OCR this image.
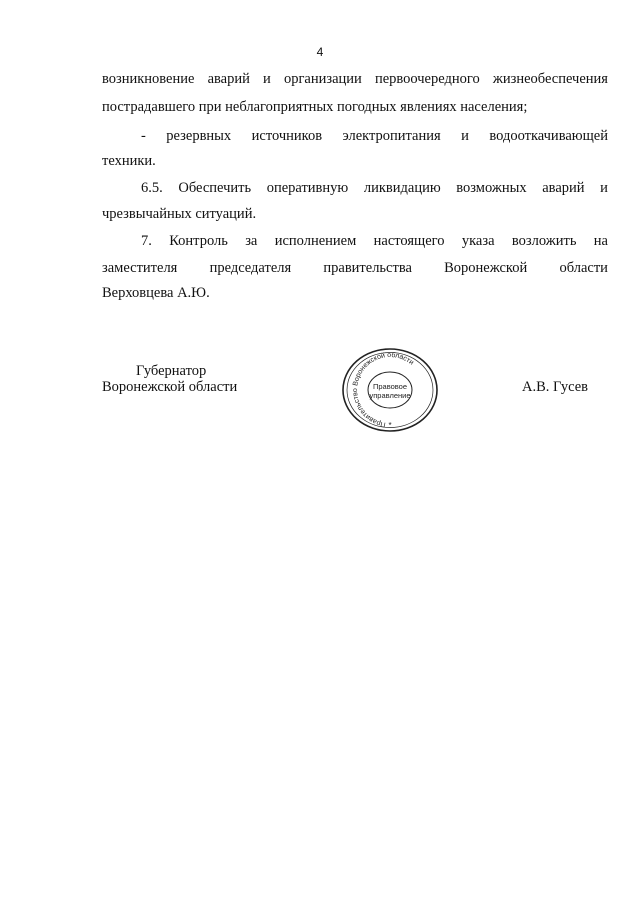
4
возникновение аварий и организации первоочередного жизнеобеспечения
пострадавшего при неблагоприятных погодных явлениях населения;
- резервных источников электропитания и водооткачивающей
техники.
6.5. Обеспечить оперативную ликвидацию возможных аварий и
чрезвычайных ситуаций.
7. Контроль за исполнением настоящего указа возложить на
заместителя председателя правительства Воронежской области
Верховцева А.Ю.
Губернатор
Воронежской области	А.В. Гусев
Правительство Воронежской области
Правовое
управление
*
